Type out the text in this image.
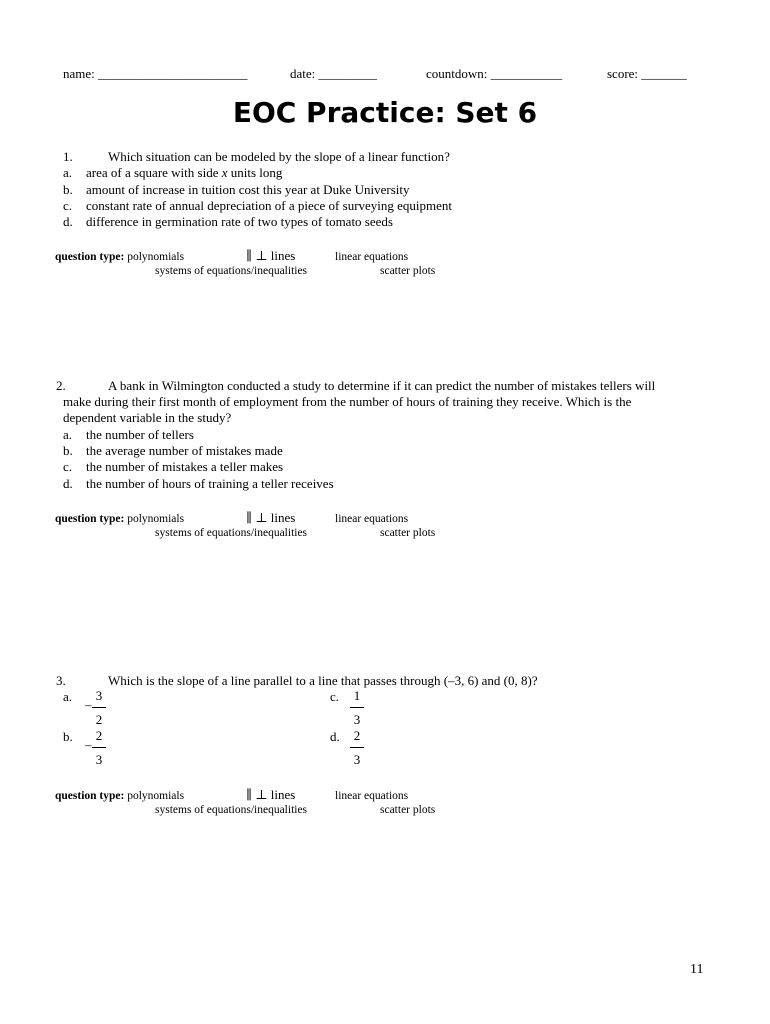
name: _______________________	date: _________	countdown: ___________	score: _______
EOC Practice: Set 6
1.	Which situation can be modeled by the slope of a linear function?
a. area of a square with side x units long
b. amount of increase in tuition cost this year at Duke University
c. constant rate of annual depreciation of a piece of surveying equipment
d. difference in germination rate of two types of tomato seeds
question type: polynomials	∥ ⊥ lines	linear equations
systems of equations/inequalities	scatter plots
2.	A bank in Wilmington conducted a study to determine if it can predict the number of mistakes tellers will
make during their first month of employment from the number of hours of training they receive. Which is the
dependent variable in the study?
a. the number of tellers
b. the average number of mistakes made
c. the number of mistakes a teller makes
d. the number of hours of training a teller receives
question type: polynomials	∥ ⊥ lines	linear equations
systems of equations/inequalities	scatter plots
3.	Which is the slope of a line parallel to a line that passes through (–3, 6) and (0, 8)?
a.
–
3
2
c. 1
3
b.
–
2
3
d. 2
3
question type: polynomials	∥ ⊥ lines	linear equations
systems of equations/inequalities	scatter plots
11
